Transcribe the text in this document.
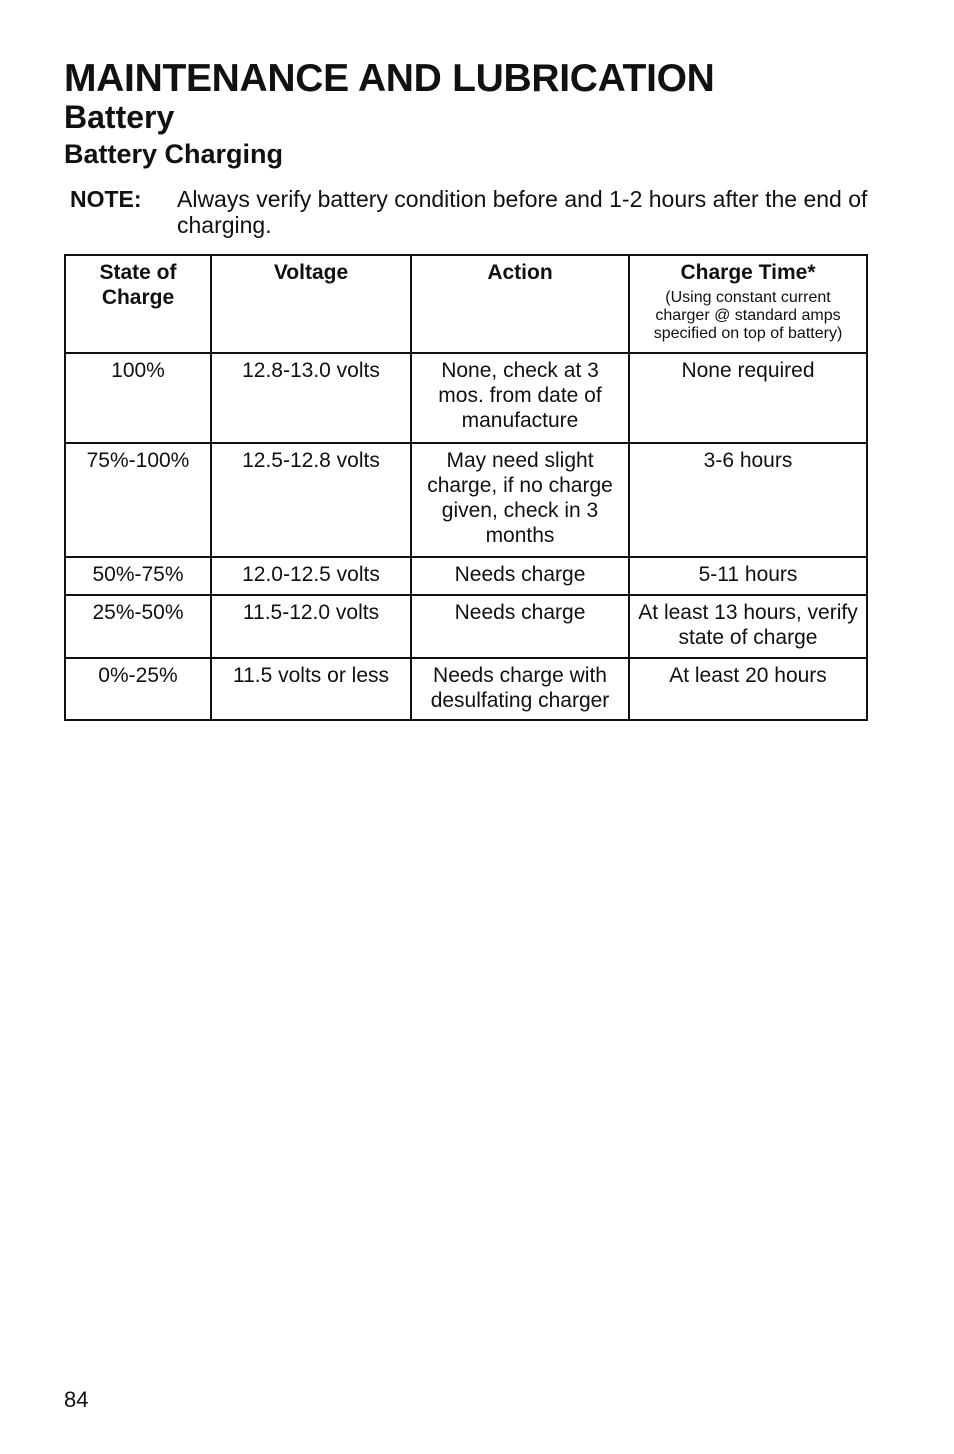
MAINTENANCE AND LUBRICATION
Battery
Battery Charging
NOTE: Always verify battery condition before and 1-2 hours after the end of charging.
State of Charge	Voltage	Action	Charge Time*
(Using constant current charger @ standard amps specified on top of battery)

100%	12.8-13.0 volts	None, check at 3 mos. from date of manufacture	None required
75%-100%	12.5-12.8 volts	May need slight charge, if no charge given, check in 3 months	3-6 hours
50%-75%	12.0-12.5 volts	Needs charge	5-11 hours
25%-50%	11.5-12.0 volts	Needs charge	At least 13 hours, verify state of charge
0%-25%	11.5 volts or less	Needs charge with desulfating charger	At least 20 hours
84
